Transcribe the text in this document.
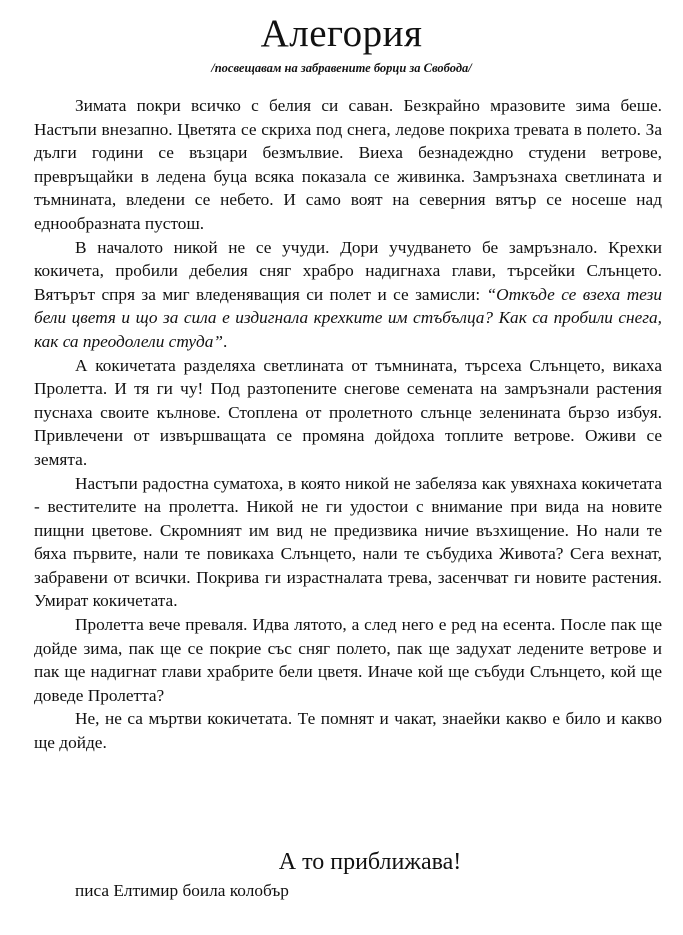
Алегория
/посвещавам на забравените борци за Свобода/

Зимата покри всичко с белия си саван. Безкрайно мразовите зима беше. Настъпи внезапно. Цветята се скриха под снега, ледове покриха тревата в полето. За дълги години се възцари безмълвие. Виеха безнадеждно студени ветрове, превръщайки в ледена буца всяка показала се живинка. Замръзнаха светлината и тъмнината, вледени се небето. И само воят на северния вятър се носеше над еднообразната пустош.

В началото никой не се учуди. Дори учудването бе замръзнало. Крехки кокичета, пробили дебелия сняг храбро надигнаха глави, търсейки Слънцето. Вятърът спря за миг вледеняващия си полет и се замисли: “Откъде се взеха тези бели цветя и що за сила е издигнала крехките им стъбълца? Как са пробили снега, как са преодолели студа”.

А кокичетата разделяха светлината от тъмнината, търсеха Слънцето, викаха Пролетта. И тя ги чу! Под разтопените снегове семената на замръзнали растения пуснаха своите кълнове. Стоплена от пролетното слънце зеленината бързо избуя. Привлечени от извършващата се промяна дойдоха топлите ветрове. Оживи се земята.

Настъпи радостна суматоха, в която никой не забеляза как увяхнаха кокичетата - вестителите на пролетта. Никой не ги удостои с внимание при вида на новите пищни цветове. Скромният им вид не предизвика ничие възхищение. Но нали те бяха първите, нали те повикаха Слънцето, нали те събудиха Живота? Сега вехнат, забравени от всички. Покрива ги израстналата трева, засенчват ги новите растения. Умират кокичетата.

Пролетта вече преваля. Идва лятото, а след него е ред на есента. После пак ще дойде зима, пак ще се покрие със сняг полето, пак ще задухат ледените ветрове и пак ще надигнат глави храбрите бели цветя. Иначе кой ще събуди Слънцето, кой ще доведе Пролетта?

Не, не са мъртви кокичетата. Те помнят и чакат, знаейки какво е било и какво ще дойде.

А то приближава!
писа Елтимир боила колобър
